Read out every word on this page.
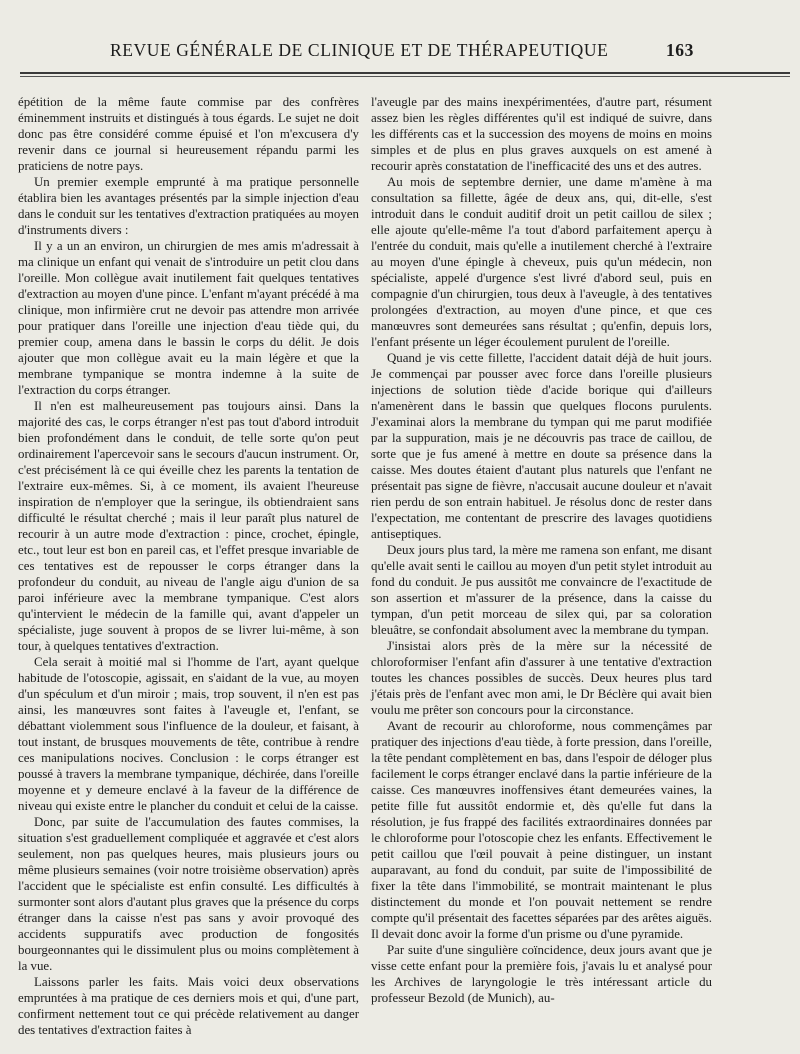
REVUE GÉNÉRALE DE CLINIQUE ET DE THÉRAPEUTIQUE	163

épétition de la même faute commise par des confrères éminemment instruits et distingués à tous égards. Le sujet ne doit donc pas être considéré comme épuisé et l'on m'excusera d'y revenir dans ce journal si heureusement répandu parmi les praticiens de notre pays.

Un premier exemple emprunté à ma pratique personnelle établira bien les avantages présentés par la simple injection d'eau dans le conduit sur les tentatives d'extraction pratiquées au moyen d'instruments divers :

Il y a un an environ, un chirurgien de mes amis m'adressait à ma clinique un enfant qui venait de s'introduire un petit clou dans l'oreille. Mon collègue avait inutilement fait quelques tentatives d'extraction au moyen d'une pince. L'enfant m'ayant précédé à ma clinique, mon infirmière crut ne devoir pas attendre mon arrivée pour pratiquer dans l'oreille une injection d'eau tiède qui, du premier coup, amena dans le bassin le corps du délit. Je dois ajouter que mon collègue avait eu la main légère et que la membrane tympanique se montra indemne à la suite de l'extraction du corps étranger.

Il n'en est malheureusement pas toujours ainsi. Dans la majorité des cas, le corps étranger n'est pas tout d'abord introduit bien profondément dans le conduit, de telle sorte qu'on peut ordinairement l'apercevoir sans le secours d'aucun instrument. Or, c'est précisément là ce qui éveille chez les parents la tentation de l'extraire eux-mêmes. Si, à ce moment, ils avaient l'heureuse inspiration de n'employer que la seringue, ils obtiendraient sans difficulté le résultat cherché ; mais il leur paraît plus naturel de recourir à un autre mode d'extraction : pince, crochet, épingle, etc., tout leur est bon en pareil cas, et l'effet presque invariable de ces tentatives est de repousser le corps étranger dans la profondeur du conduit, au niveau de l'angle aigu d'union de sa paroi inférieure avec la membrane tympanique. C'est alors qu'intervient le médecin de la famille qui, avant d'appeler un spécialiste, juge souvent à propos de se livrer lui-même, à son tour, à quelques tentatives d'extraction.

Cela serait à moitié mal si l'homme de l'art, ayant quelque habitude de l'otoscopie, agissait, en s'aidant de la vue, au moyen d'un spéculum et d'un miroir ; mais, trop souvent, il n'en est pas ainsi, les manœuvres sont faites à l'aveugle et, l'enfant, se débattant violemment sous l'influence de la douleur, et faisant, à tout instant, de brusques mouvements de tête, contribue à rendre ces manipulations nocives. Conclusion : le corps étranger est poussé à travers la membrane tympanique, déchirée, dans l'oreille moyenne et y demeure enclavé à la faveur de la différence de niveau qui existe entre le plancher du conduit et celui de la caisse.

Donc, par suite de l'accumulation des fautes commises, la situation s'est graduellement compliquée et aggravée et c'est alors seulement, non pas quelques heures, mais plusieurs jours ou même plusieurs semaines (voir notre troisième observation) après l'accident que le spécialiste est enfin consulté. Les difficultés à surmonter sont alors d'autant plus graves que la présence du corps étranger dans la caisse n'est pas sans y avoir provoqué des accidents suppuratifs avec production de fongosités bourgeonnantes qui le dissimulent plus ou moins complètement à la vue.

Laissons parler les faits. Mais voici deux observations empruntées à ma pratique de ces derniers mois et qui, d'une part, confirment nettement tout ce qui précède relativement au danger des tentatives d'extraction faites à

l'aveugle par des mains inexpérimentées, d'autre part, résument assez bien les règles différentes qu'il est indiqué de suivre, dans les différents cas et la succession des moyens de moins en moins simples et de plus en plus graves auxquels on est amené à recourir après constatation de l'inefficacité des uns et des autres.

Au mois de septembre dernier, une dame m'amène à ma consultation sa fillette, âgée de deux ans, qui, dit-elle, s'est introduit dans le conduit auditif droit un petit caillou de silex ; elle ajoute qu'elle-même l'a tout d'abord parfaitement aperçu à l'entrée du conduit, mais qu'elle a inutilement cherché à l'extraire au moyen d'une épingle à cheveux, puis qu'un médecin, non spécialiste, appelé d'urgence s'est livré d'abord seul, puis en compagnie d'un chirurgien, tous deux à l'aveugle, à des tentatives prolongées d'extraction, au moyen d'une pince, et que ces manœuvres sont demeurées sans résultat ; qu'enfin, depuis lors, l'enfant présente un léger écoulement purulent de l'oreille.

Quand je vis cette fillette, l'accident datait déjà de huit jours. Je commençai par pousser avec force dans l'oreille plusieurs injections de solution tiède d'acide borique qui d'ailleurs n'amenèrent dans le bassin que quelques flocons purulents. J'examinai alors la membrane du tympan qui me parut modifiée par la suppuration, mais je ne découvris pas trace de caillou, de sorte que je fus amené à mettre en doute sa présence dans la caisse. Mes doutes étaient d'autant plus naturels que l'enfant ne présentait pas signe de fièvre, n'accusait aucune douleur et n'avait rien perdu de son entrain habituel. Je résolus donc de rester dans l'expectation, me contentant de prescrire des lavages quotidiens antiseptiques.

Deux jours plus tard, la mère me ramena son enfant, me disant qu'elle avait senti le caillou au moyen d'un petit stylet introduit au fond du conduit. Je pus aussitôt me convaincre de l'exactitude de son assertion et m'assurer de la présence, dans la caisse du tympan, d'un petit morceau de silex qui, par sa coloration bleuâtre, se confondait absolument avec la membrane du tympan.

J'insistai alors près de la mère sur la nécessité de chloroformiser l'enfant afin d'assurer à une tentative d'extraction toutes les chances possibles de succès. Deux heures plus tard j'étais près de l'enfant avec mon ami, le Dr Béclère qui avait bien voulu me prêter son concours pour la circonstance.

Avant de recourir au chloroforme, nous commençâmes par pratiquer des injections d'eau tiède, à forte pression, dans l'oreille, la tête pendant complètement en bas, dans l'espoir de déloger plus facilement le corps étranger enclavé dans la partie inférieure de la caisse. Ces manœuvres inoffensives étant demeurées vaines, la petite fille fut aussitôt endormie et, dès qu'elle fut dans la résolution, je fus frappé des facilités extraordinaires données par le chloroforme pour l'otoscopie chez les enfants. Effectivement le petit caillou que l'œil pouvait à peine distinguer, un instant auparavant, au fond du conduit, par suite de l'impossibilité de fixer la tête dans l'immobilité, se montrait maintenant le plus distinctement du monde et l'on pouvait nettement se rendre compte qu'il présentait des facettes séparées par des arêtes aiguës. Il devait donc avoir la forme d'un prisme ou d'une pyramide.

Par suite d'une singulière coïncidence, deux jours avant que je visse cette enfant pour la première fois, j'avais lu et analysé pour les Archives de laryngologie le très intéressant article du professeur Bezold (de Munich), au-
